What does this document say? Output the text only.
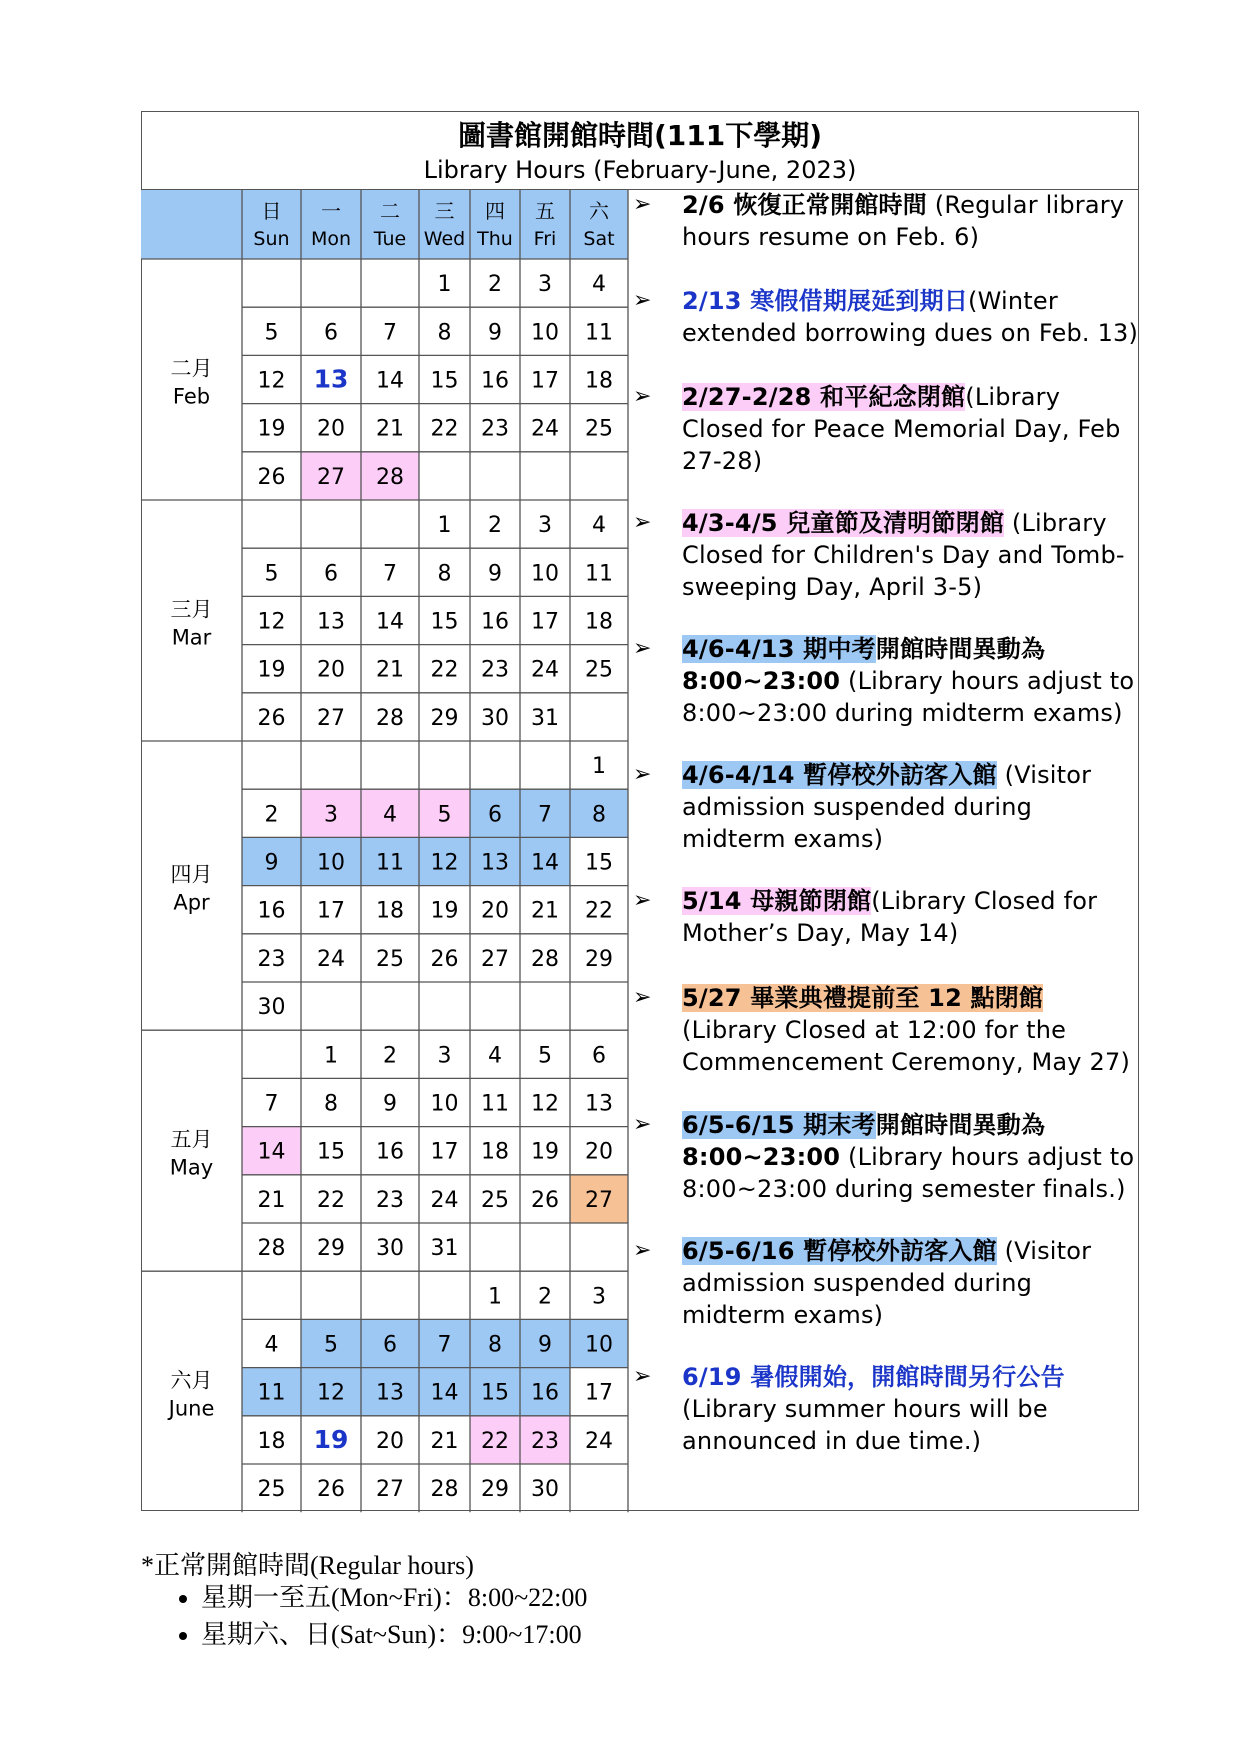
圖書館開館時間(111下學期)
Library Hours (February-June, 2023)
日
Sun
一
Mon
二
Tue
三
Wed
四
Thu
五
Fri
六
Sat
1 2 3 4
5 6 7 8 9 10 11
12 13 14 15 16 17 18
19 20 21 22 23 24 25
26 27 28
二月
Feb
1 2 3 4
5 6 7 8 9 10 11
12 13 14 15 16 17 18
19 20 21 22 23 24 25
26 27 28 29 30 31
三月
Mar
1
2 3 4 5 6 7 8
9 10 11 12 13 14 15
16 17 18 19 20 21 22
23 24 25 26 27 28 29
30
四月
Apr
1 2 3 4 5 6
7 8 9 10 11 12 13
14 15 16 17 18 19 20
21 22 23 24 25 26 27
28 29 30 31
五月
May
1 2 3
4 5 6 7 8 9 10
11 12 13 14 15 16 17
18 19 20 21 22 23 24
25 26 27 28 29 30
六月
June
➢ 2/6 恢復正常開館時間 (Regular library hours resume on Feb. 6)
➢ 2/13 寒假借期展延到期日(Winter extended borrowing dues on Feb. 13)
➢ 2/27-2/28 和平紀念閉館(Library Closed for Peace Memorial Day, Feb 27-28)
➢ 4/3-4/5 兒童節及清明節閉館 (Library Closed for Children's Day and Tomb-sweeping Day, April 3-5)
➢ 4/6-4/13 期中考開館時間異動為 8:00~23:00 (Library hours adjust to 8:00~23:00 during midterm exams)
➢ 4/6-4/14 暫停校外訪客入館 (Visitor admission suspended during midterm exams)
➢ 5/14 母親節閉館(Library Closed for Mother’s Day, May 14)
➢ 5/27 畢業典禮提前至 12 點閉館 (Library Closed at 12:00 for the Commencement Ceremony, May 27)
➢ 6/5-6/15 期末考開館時間異動為 8:00~23:00 (Library hours adjust to 8:00~23:00 during semester finals.)
➢ 6/5-6/16 暫停校外訪客入館 (Visitor admission suspended during midterm exams)
➢ 6/19 暑假開始，開館時間另行公告 (Library summer hours will be announced in due time.)
*正常開館時間(Regular hours)
• 星期一至五(Mon~Fri)：8:00~22:00
• 星期六、日(Sat~Sun)：9:00~17:00
